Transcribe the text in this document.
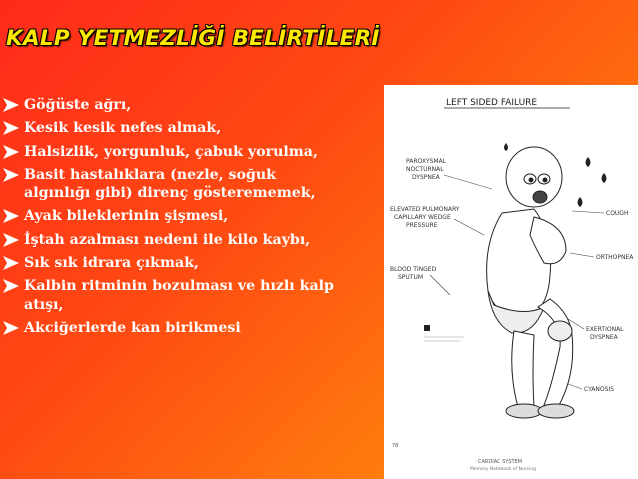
KALP YETMEZLİĞİ BELİRTİLERİ
Göğüste ağrı,
Kesik kesik nefes almak,
Halsizlik, yorgunluk, çabuk yorulma,
Basit hastalıklara (nezle, soğuk algınlığı gibi) direnç gösterememek,
Ayak bileklerinin şişmesi,
İştah azalması nedeni ile kilo kaybı,
Sık sık idrara çıkmak,
Kalbin ritminin bozulması ve hızlı kalp atışı,
Akciğerlerde kan birikmesi
LEFT SIDED FAILURE
PAROXYSMAL
NOCTURNAL
DYSPNEA
ELEVATED PULMONARY
CAPILLARY WEDGE
PRESSURE
BLOOD TINGED
SPUTUM
COUGH
ORTHOPNEA
EXERTIONAL
DYSPNEA
CYANOSIS
78
CARDIAC SYSTEM
Memory Notebook of Nursing
